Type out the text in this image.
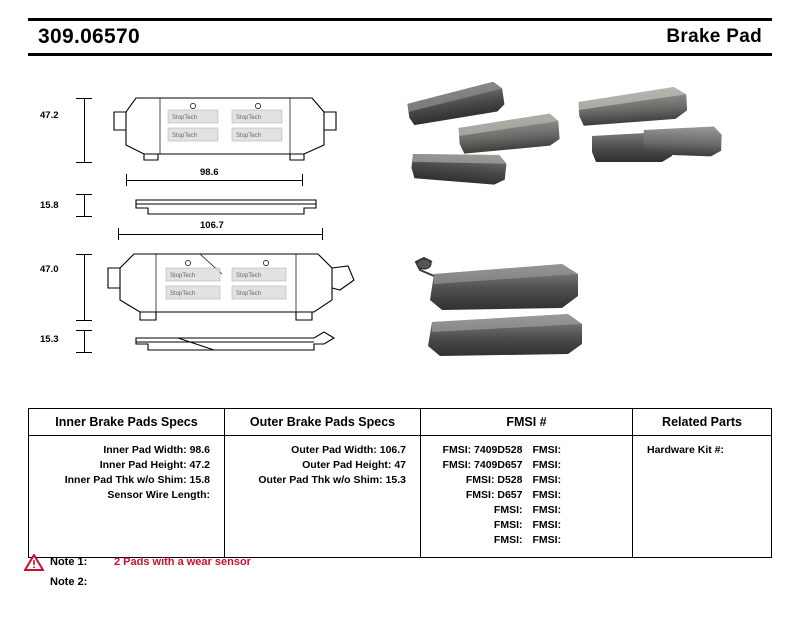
309.06570	Brake Pad
StopTech
StopTech
StopTech
StopTech
47.2
98.6
15.8
106.7
StopTech
StopTech
StopTech
StopTech
47.0
15.3
Inner Brake Pads Specs	Outer Brake Pads Specs	FMSI #	Related Parts
Inner Pad Width: 98.6
Inner Pad Height: 47.2
Inner Pad Thk w/o Shim: 15.8
Sensor Wire Length:
Outer Pad Width: 106.7
Outer Pad Height: 47
Outer Pad Thk w/o Shim: 15.3
FMSI: 7409D528 FMSI:
FMSI: 7409D657 FMSI:
FMSI: D528 FMSI:
FMSI: D657 FMSI:
FMSI: FMSI:
FMSI: FMSI:
FMSI: FMSI:
Hardware Kit #:
Note 1:	2 Pads with a wear sensor
Note 2:
